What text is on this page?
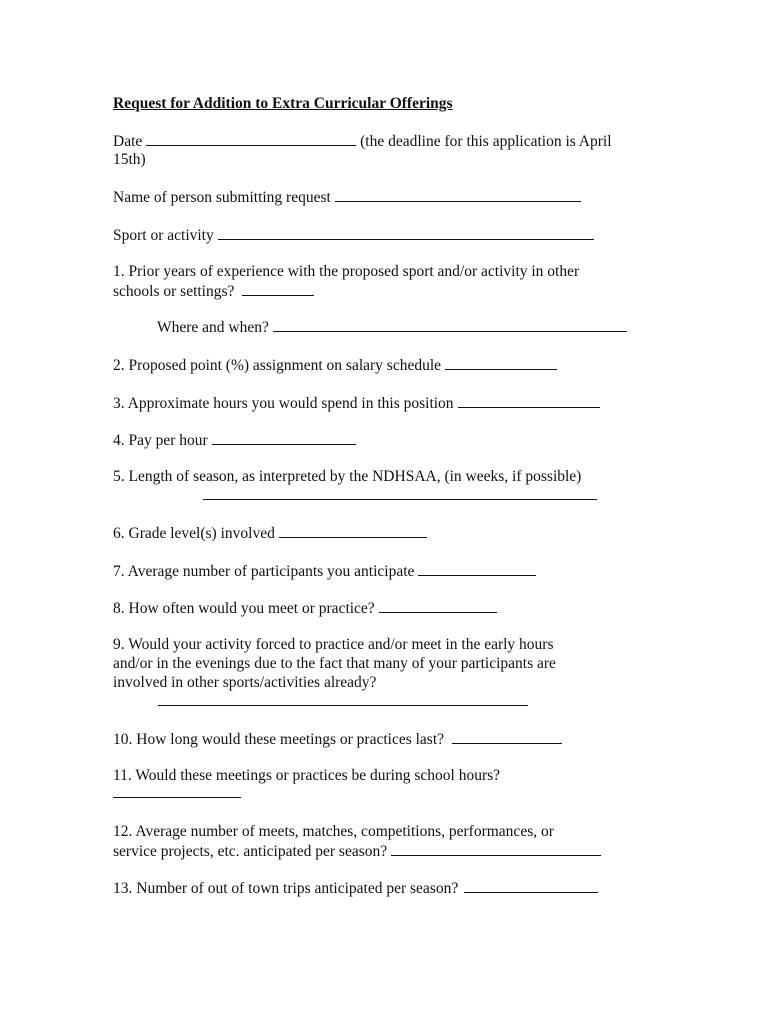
Request for Addition to Extra Curricular Offerings
Date	(the deadline for this application is April
15th)
Name of person submitting request
Sport or activity
1. Prior years of experience with the proposed sport and/or activity in other
schools or settings?
Where and when?
2. Proposed point (%) assignment on salary schedule
3. Approximate hours you would spend in this position
4. Pay per hour
5. Length of season, as interpreted by the NDHSAA, (in weeks, if possible)
6. Grade level(s) involved
7. Average number of participants you anticipate
8. How often would you meet or practice?
9. Would your activity forced to practice and/or meet in the early hours
and/or in the evenings due to the fact that many of your participants are
involved in other sports/activities already?
10. How long would these meetings or practices last?
11. Would these meetings or practices be during school hours?
12. Average number of meets, matches, competitions, performances, or
service projects, etc. anticipated per season?
13. Number of out of town trips anticipated per season?
